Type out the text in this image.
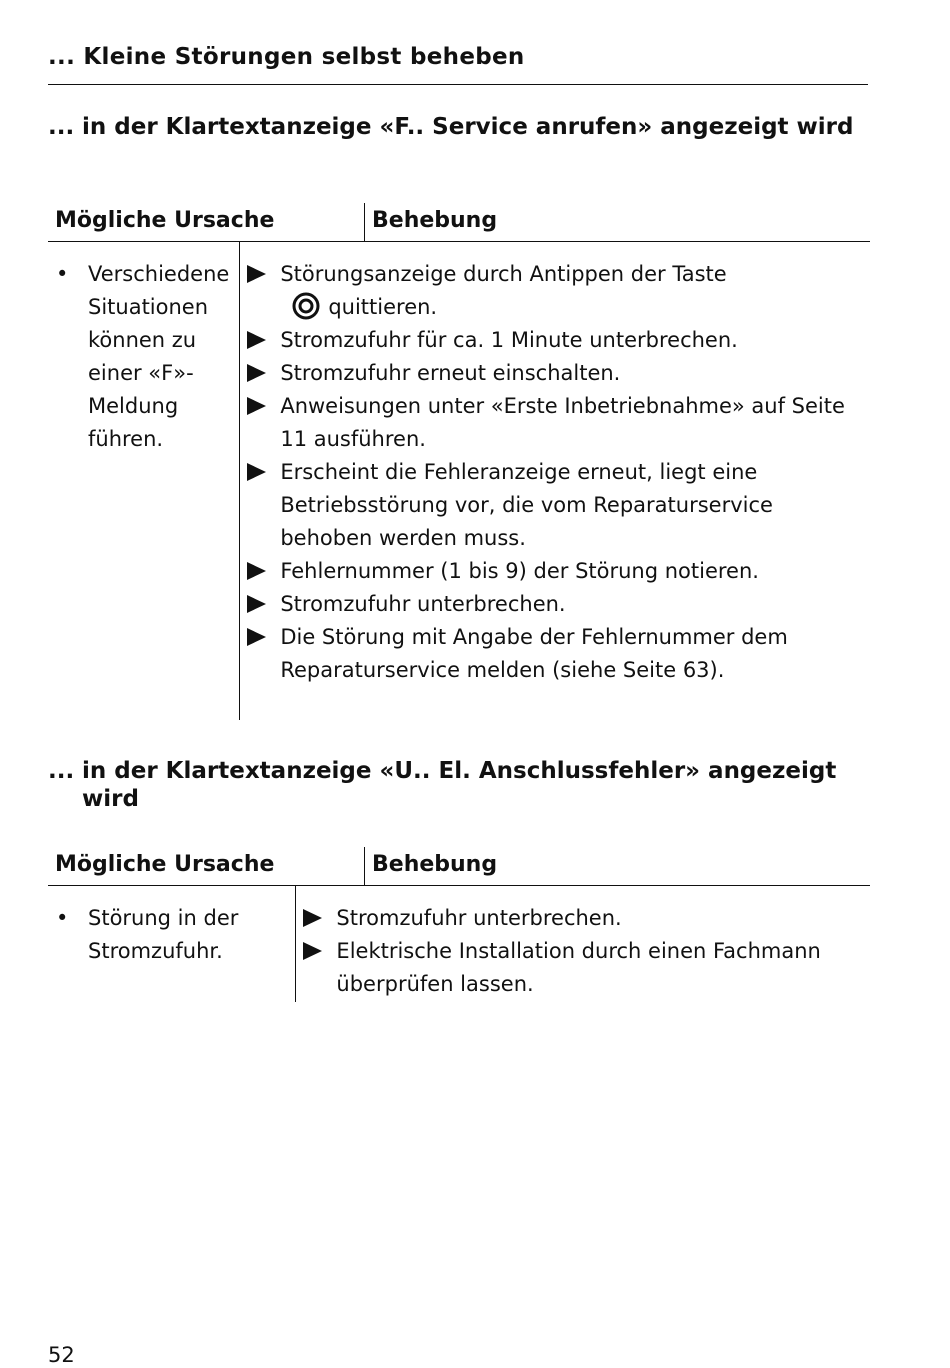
... Kleine Störungen selbst beheben
... in der Klartextanzeige «F.. Service anrufen» angezeigt wird
Mögliche Ursache	Behebung
• Verschiedene Situationen können zu einer «F»-Meldung führen.
Störungsanzeige durch Antippen der Taste
quittieren.
Stromzufuhr für ca. 1 Minute unterbrechen.
Stromzufuhr erneut einschalten.
Anweisungen unter «Erste Inbetriebnahme» auf Seite 11 ausführen.
Erscheint die Fehleranzeige erneut, liegt eine Betriebsstörung vor, die vom Reparaturservice behoben werden muss.
Fehlernummer (1 bis 9) der Störung notieren.
Stromzufuhr unterbrechen.
Die Störung mit Angabe der Fehlernummer dem Reparaturservice melden (siehe Seite 63).
... in der Klartextanzeige «U.. El. Anschlussfehler» angezeigt wird
Mögliche Ursache	Behebung
• Störung in der Stromzufuhr.
Stromzufuhr unterbrechen.
Elektrische Installation durch einen Fachmann überprüfen lassen.

52
